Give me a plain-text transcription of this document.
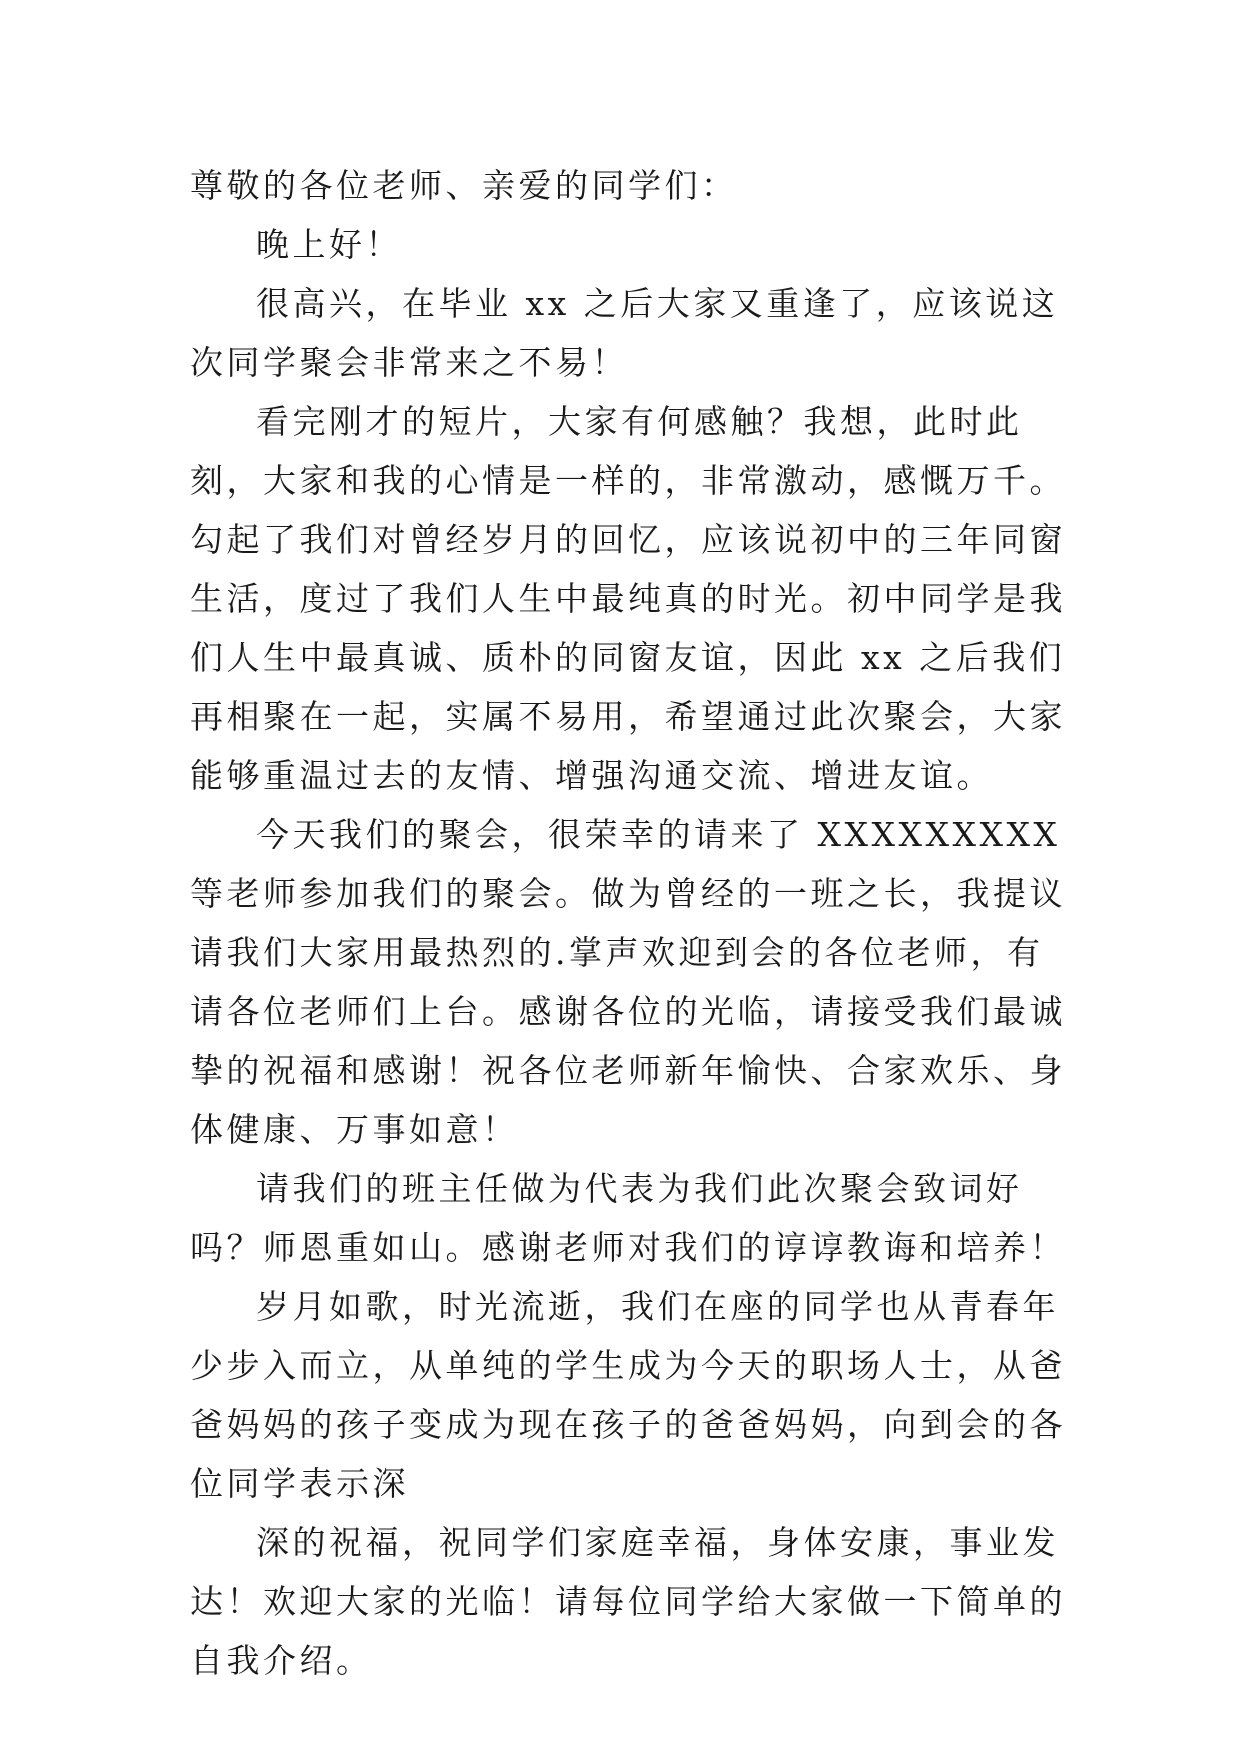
尊敬的各位老师、亲爱的同学们：

晚上好！

很高兴，在毕业 xx 之后大家又重逢了，应该说这次同学聚会非常来之不易！

看完刚才的短片，大家有何感触？我想，此时此刻，大家和我的心情是一样的，非常激动，感慨万千。勾起了我们对曾经岁月的回忆，应该说初中的三年同窗生活，度过了我们人生中最纯真的时光。初中同学是我们人生中最真诚、质朴的同窗友谊，因此 xx 之后我们再相聚在一起，实属不易用，希望通过此次聚会，大家能够重温过去的友情、增强沟通交流、增进友谊。

今天我们的聚会，很荣幸的请来了 XXXXXXXXX 等老师参加我们的聚会。做为曾经的一班之长，我提议请我们大家用最热烈的.掌声欢迎到会的各位老师，有请各位老师们上台。感谢各位的光临，请接受我们最诚挚的祝福和感谢！祝各位老师新年愉快、合家欢乐、身体健康、万事如意！

请我们的班主任做为代表为我们此次聚会致词好吗？师恩重如山。感谢老师对我们的谆谆教诲和培养！

岁月如歌，时光流逝，我们在座的同学也从青春年少步入而立，从单纯的学生成为今天的职场人士，从爸爸妈妈的孩子变成为现在孩子的爸爸妈妈，向到会的各位同学表示深

深的祝福，祝同学们家庭幸福，身体安康，事业发达！欢迎大家的光临！请每位同学给大家做一下简单的自我介绍。
